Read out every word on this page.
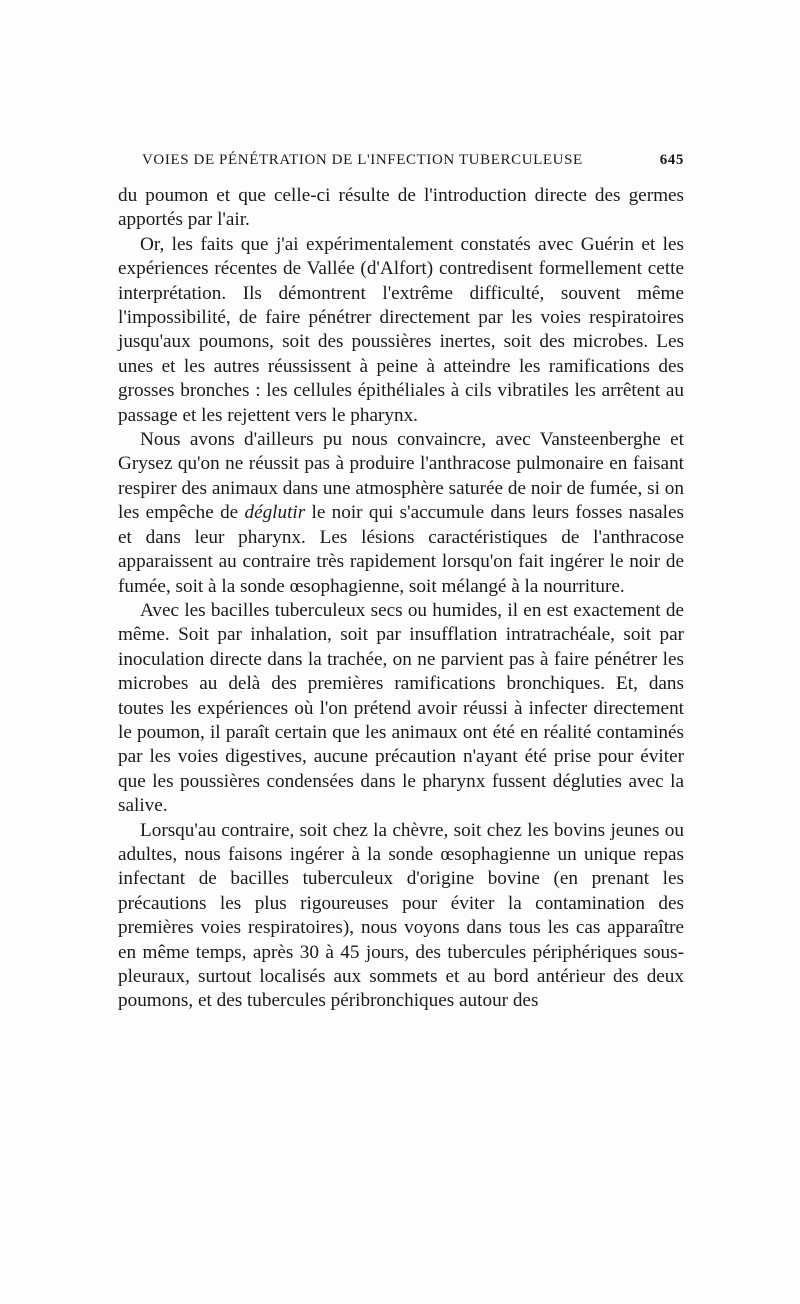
VOIES DE PÉNÉTRATION DE L'INFECTION TUBERCULEUSE	645

du poumon et que celle-ci résulte de l'introduction directe des germes apportés par l'air.

Or, les faits que j'ai expérimentalement constatés avec Guérin et les expériences récentes de Vallée (d'Alfort) contredisent formellement cette interprétation. Ils démontrent l'extrême difficulté, souvent même l'impossibilité, de faire pénétrer directement par les voies respiratoires jusqu'aux poumons, soit des poussières inertes, soit des microbes. Les unes et les autres réussissent à peine à atteindre les ramifications des grosses bronches : les cellules épithéliales à cils vibratiles les arrêtent au passage et les rejettent vers le pharynx.

Nous avons d'ailleurs pu nous convaincre, avec Vansteenberghe et Grysez qu'on ne réussit pas à produire l'anthracose pulmonaire en faisant respirer des animaux dans une atmosphère saturée de noir de fumée, si on les empêche de déglutir le noir qui s'accumule dans leurs fosses nasales et dans leur pharynx. Les lésions caractéristiques de l'anthracose apparaissent au contraire très rapidement lorsqu'on fait ingérer le noir de fumée, soit à la sonde œsophagienne, soit mélangé à la nourriture.

Avec les bacilles tuberculeux secs ou humides, il en est exactement de même. Soit par inhalation, soit par insufflation intratrachéale, soit par inoculation directe dans la trachée, on ne parvient pas à faire pénétrer les microbes au delà des premières ramifications bronchiques. Et, dans toutes les expériences où l'on prétend avoir réussi à infecter directement le poumon, il paraît certain que les animaux ont été en réalité contaminés par les voies digestives, aucune précaution n'ayant été prise pour éviter que les poussières condensées dans le pharynx fussent dégluties avec la salive.

Lorsqu'au contraire, soit chez la chèvre, soit chez les bovins jeunes ou adultes, nous faisons ingérer à la sonde œsophagienne un unique repas infectant de bacilles tuberculeux d'origine bovine (en prenant les précautions les plus rigoureuses pour éviter la contamination des premières voies respiratoires), nous voyons dans tous les cas apparaître en même temps, après 30 à 45 jours, des tubercules périphériques sous-pleuraux, surtout localisés aux sommets et au bord antérieur des deux poumons, et des tubercules péribronchiques autour des
